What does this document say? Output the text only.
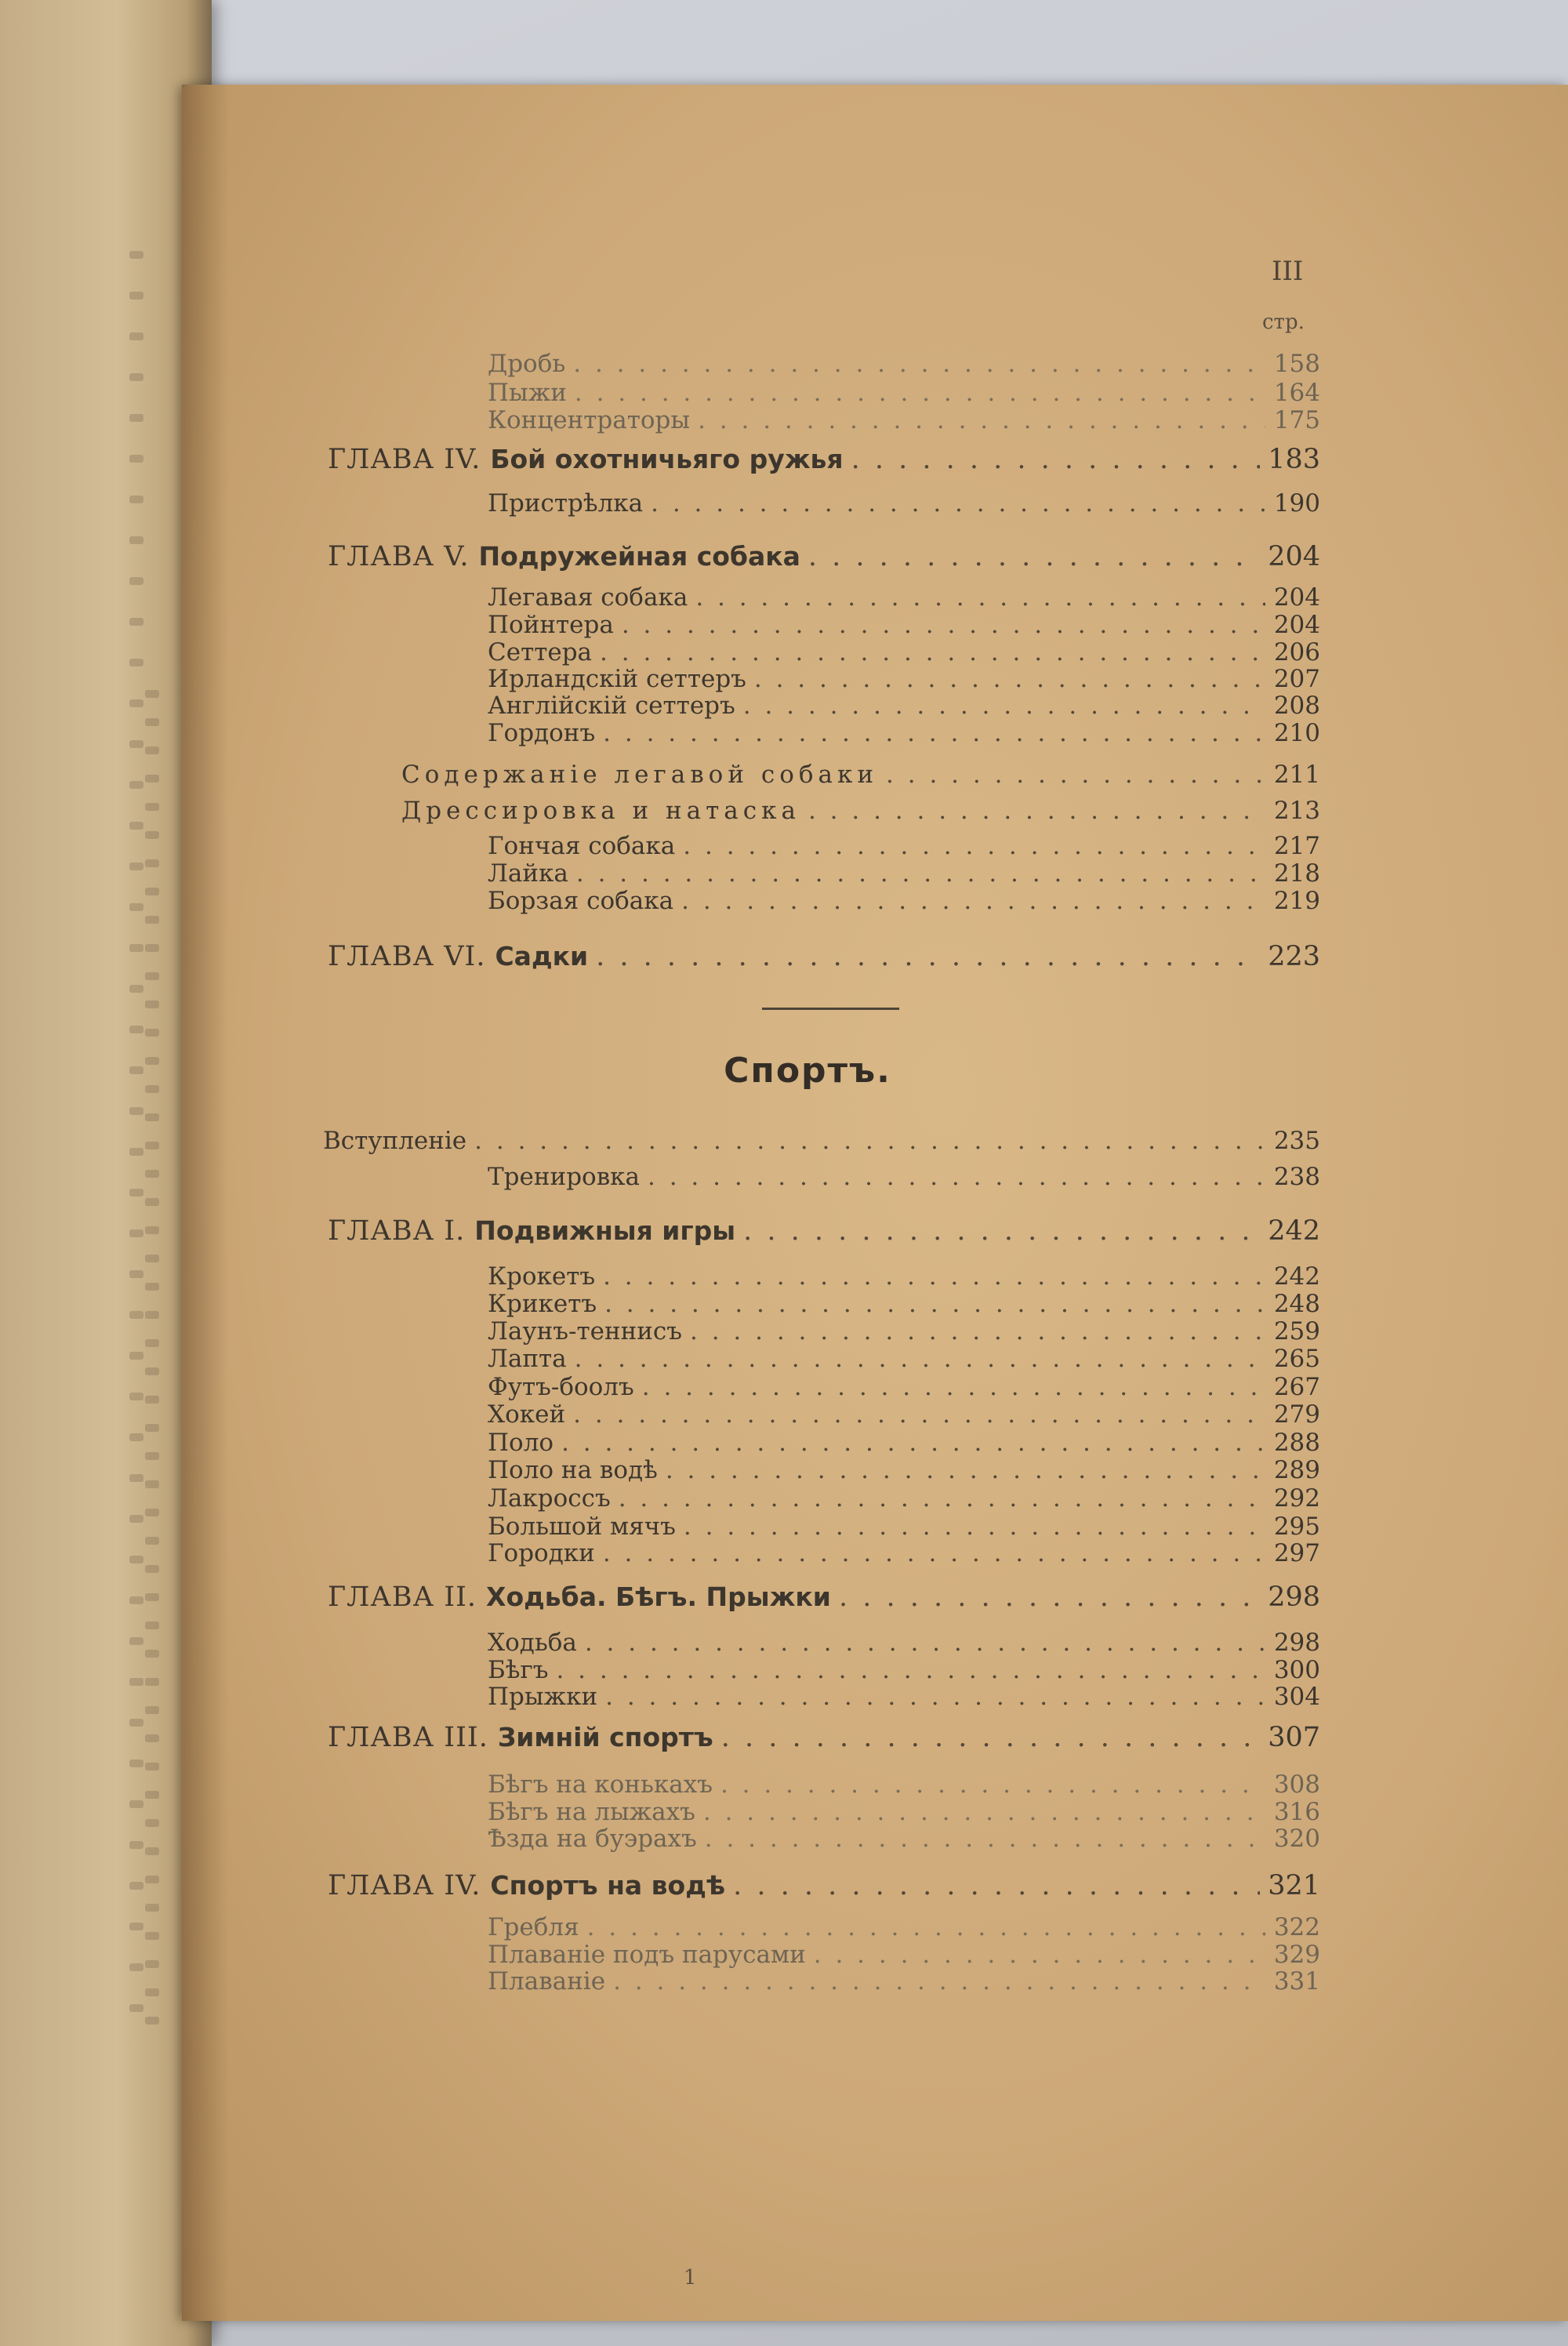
III
стр.
Дробь . . .	158
Пыжи . . .	164
Концентраторы . . .	175
ГЛАВА IV. Бой охотничьяго ружья . . .	183
Пристрѣлка . . .	190
ГЛАВА V. Подружейная собака . . .	204
Легавая собака . . .	204
Пойнтера . . .	204
Сеттера . . .	206
Ирландскій сеттеръ . . .	207
Англійскій сеттеръ . . .	208
Гордонъ . . .	210
Содержаніе легавой собаки . . .	211
Дрессировка и натаска . . .	213
Гончая собака . . .	217
Лайка . . .	218
Борзая собака . . .	219
ГЛАВА VI. Садки . . .	223
Спортъ.
Вступленіе . . .	235
Тренировка . . .	238
ГЛАВА I. Подвижныя игры . . .	242
Крокетъ . . .	242
Крикетъ . . .	248
Лаунъ-теннисъ . . .	259
Лапта . . .	265
Футъ-боолъ . . .	267
Хокей . . .	279
Поло . . .	288
Поло на водѣ . . .	289
Лакроссъ . . .	292
Большой мячъ . . .	295
Городки . . .	297
ГЛАВА II. Ходьба. Бѣгъ. Прыжки . . .	298
Ходьба . . .	298
Бѣгъ . . .	300
Прыжки . . .	304
ГЛАВА III. Зимній спортъ . . .	307
Бѣгъ на конькахъ . . .	308
Бѣгъ на лыжахъ . . .	316
Ѣзда на буэрахъ . . .	320
ГЛАВА IV. Спортъ на водѣ . . .	321
Гребля . . .	322
Плаваніе подъ парусами . . .	329
Плаваніе . . .	331
1
